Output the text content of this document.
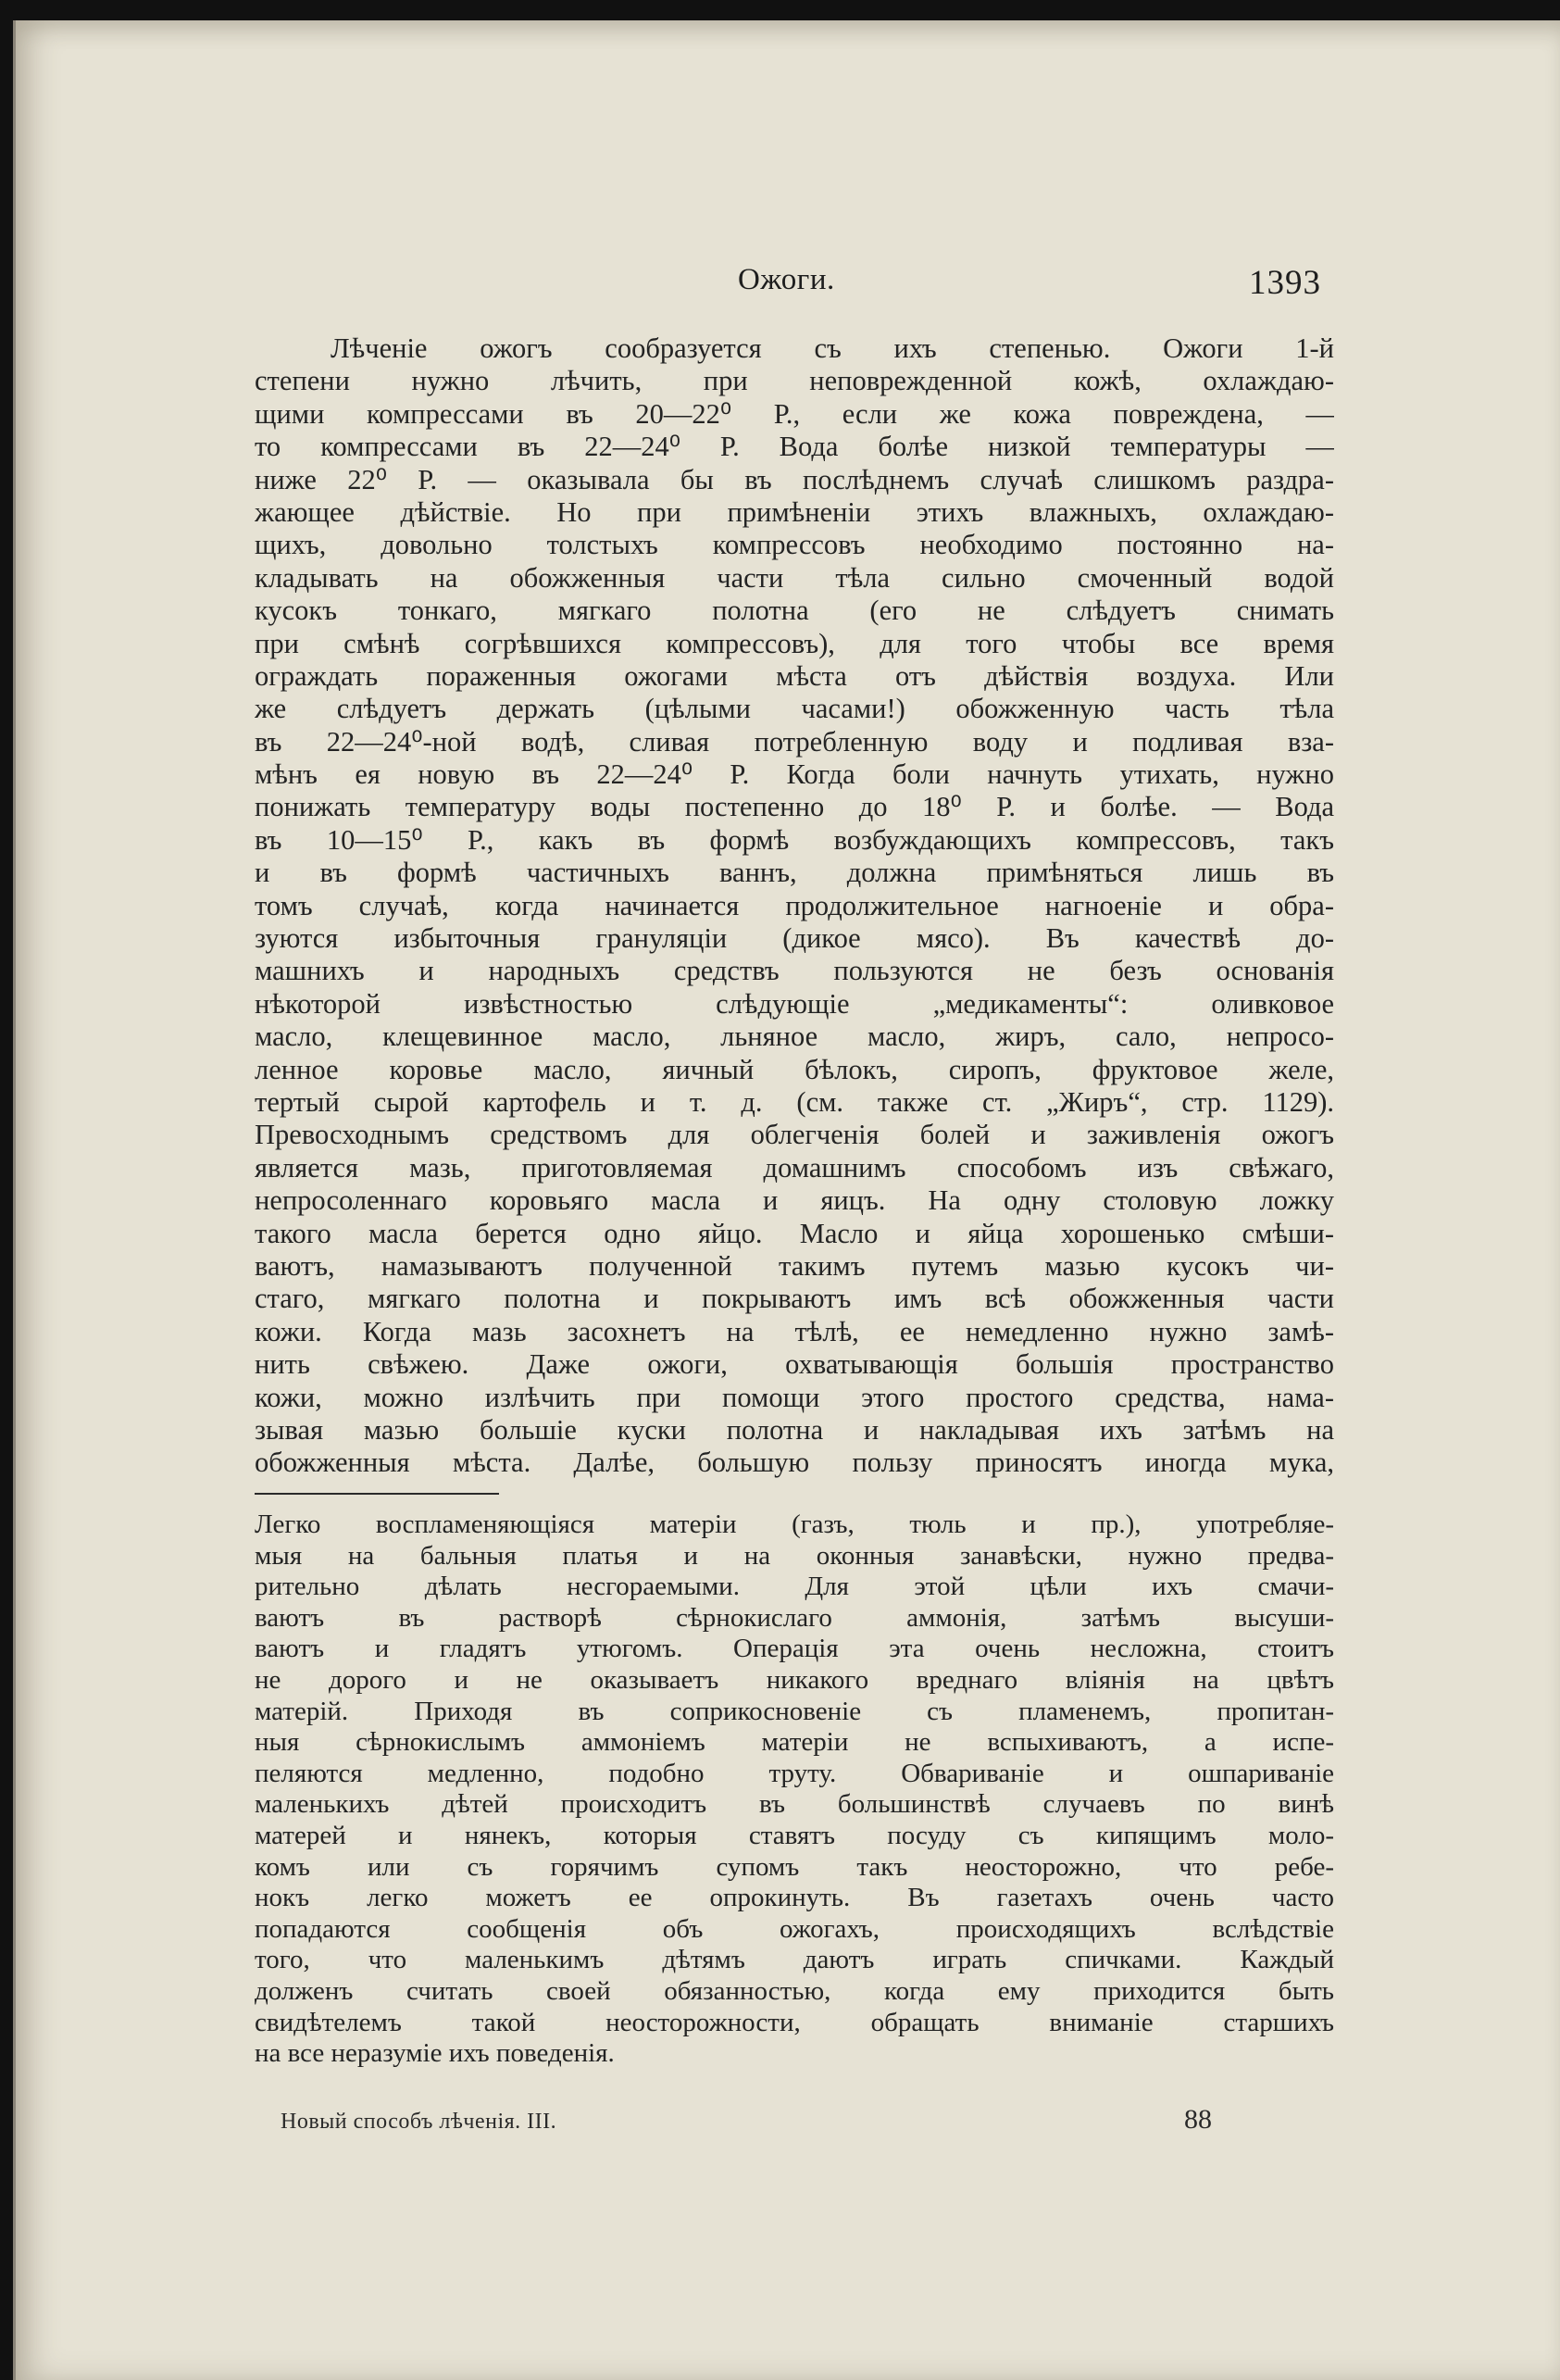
Ожоги.	1393
Лѣченіе ожогъ сообразуется съ ихъ степенью. Ожоги 1-й
степени нужно лѣчить, при неповрежденной кожѣ, охлаждаю-
щими компрессами въ 20—22⁰ Р., если же кожа повреждена, —
то компрессами въ 22—24⁰ Р. Вода болѣе низкой температуры —
ниже 22⁰ Р. — оказывала бы въ послѣднемъ случаѣ слишкомъ раздра-
жающее дѣйствіе. Но при примѣненіи этихъ влажныхъ, охлаждаю-
щихъ, довольно толстыхъ компрессовъ необходимо постоянно на-
кладывать на обожженныя части тѣла сильно смоченный водой
кусокъ тонкаго, мягкаго полотна (его не слѣдуетъ снимать
при смѣнѣ согрѣвшихся компрессовъ), для того чтобы все время
ограждать пораженныя ожогами мѣста отъ дѣйствія воздуха. Или
же слѣдуетъ держать (цѣлыми часами!) обожженную часть тѣла
въ 22—24⁰-ной водѣ, сливая потребленную воду и подливая вза-
мѣнъ ея новую въ 22—24⁰ Р. Когда боли начнуть утихать, нужно
понижать температуру воды постепенно до 18⁰ Р. и болѣе. — Вода
въ 10—15⁰ Р., какъ въ формѣ возбуждающихъ компрессовъ, такъ
и въ формѣ частичныхъ ваннъ, должна примѣняться лишь въ
томъ случаѣ, когда начинается продолжительное нагноеніе и обра-
зуются избыточныя грануляціи (дикое мясо). Въ качествѣ до-
машнихъ и народныхъ средствъ пользуются не безъ основанія
нѣкоторой извѣстностью слѣдующіе „медикаменты“: оливковое
масло, клещевинное масло, льняное масло, жиръ, сало, непросо-
ленное коровье масло, яичный бѣлокъ, сиропъ, фруктовое желе,
тертый сырой картофель и т. д. (см. также ст. „Жиръ“, стр. 1129).
Превосходнымъ средствомъ для облегченія болей и заживленія ожогъ
является мазь, приготовляемая домашнимъ способомъ изъ свѣжаго,
непросоленнаго коровьяго масла и яицъ. На одну столовую ложку
такого масла берется одно яйцо. Масло и яйца хорошенько смѣши-
ваютъ, намазываютъ полученной такимъ путемъ мазью кусокъ чи-
стаго, мягкаго полотна и покрываютъ имъ всѣ обожженныя части
кожи. Когда мазь засохнетъ на тѣлѣ, ее немедленно нужно замѣ-
нить свѣжею. Даже ожоги, охватывающія большія пространство
кожи, можно излѣчить при помощи этого простого средства, нама-
зывая мазью большіе куски полотна и накладывая ихъ затѣмъ на
обожженныя мѣста. Далѣе, большую пользу приносятъ иногда мука,
Легко воспламеняющіяся матеріи (газъ, тюль и пр.), употребляе-
мыя на бальныя платья и на оконныя занавѣски, нужно предва-
рительно дѣлать несгораемыми. Для этой цѣли ихъ смачи-
ваютъ въ растворѣ сѣрнокислаго аммонія, затѣмъ высуши-
ваютъ и гладятъ утюгомъ. Операція эта очень несложна, стоитъ
не дорого и не оказываетъ никакого вреднаго вліянія на цвѣтъ
матерій. Приходя въ соприкосновеніе съ пламенемъ, пропитан-
ныя сѣрнокислымъ аммоніемъ матеріи не вспыхиваютъ, а испе-
пеляются медленно, подобно труту. Обвариваніе и ошпариваніе
маленькихъ дѣтей происходитъ въ большинствѣ случаевъ по винѣ
матерей и нянекъ, которыя ставятъ посуду съ кипящимъ моло-
комъ или съ горячимъ супомъ такъ неосторожно, что ребе-
нокъ легко можетъ ее опрокинуть. Въ газетахъ очень часто
попадаются сообщенія объ ожогахъ, происходящихъ вслѣдствіе
того, что маленькимъ дѣтямъ даютъ играть спичками. Каждый
долженъ считать своей обязанностью, когда ему приходится быть
свидѣтелемъ такой неосторожности, обращать вниманіе старшихъ
на все неразуміе ихъ поведенія.
Новый способъ лѣченія. III.	88
